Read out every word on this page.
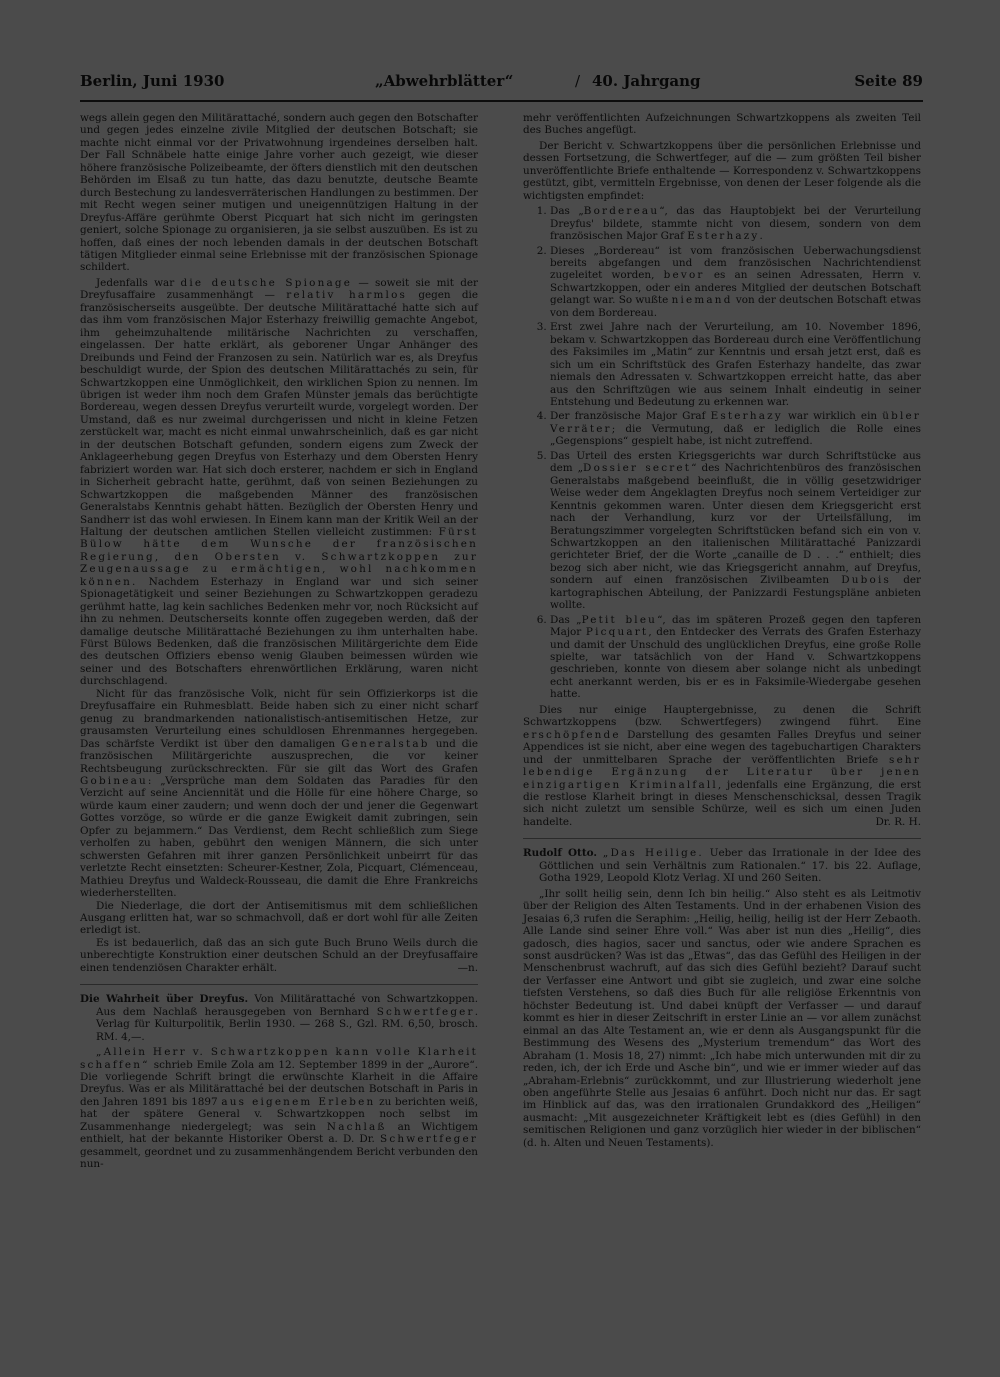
Berlin, Juni 1930	„Abwehrblätter“	/ 40. Jahrgang	Seite 89

wegs allein gegen den Militärattaché, sondern auch gegen den Botschafter und gegen jedes einzelne zivile Mitglied der deutschen Botschaft; sie machte nicht einmal vor der Privatwohnung irgendeines derselben halt. Der Fall Schnäbele hatte einige Jahre vorher auch gezeigt, wie dieser höhere französische Polizeibeamte, der öfters dienstlich mit den deutschen Behörden im Elsaß zu tun hatte, das dazu benutzte, deutsche Beamte durch Bestechung zu landesverräterischen Handlungen zu bestimmen. Der mit Recht wegen seiner mutigen und uneigennützigen Haltung in der Dreyfus-Affäre gerühmte Oberst Picquart hat sich nicht im geringsten geniert, solche Spionage zu organisieren, ja sie selbst auszuüben. Es ist zu hoffen, daß eines der noch lebenden damals in der deutschen Botschaft tätigen Mitglieder einmal seine Erlebnisse mit der französischen Spionage schildert.

Jedenfalls war die deutsche Spionage — soweit sie mit der Dreyfusaffaire zusammenhängt — relativ harmlos gegen die französischerseits ausgeübte. Der deutsche Militärattaché hatte sich auf das ihm vom französischen Major Esterhazy freiwillig gemachte Angebot, ihm geheimzuhaltende militärische Nachrichten zu verschaffen, eingelassen. Der hatte erklärt, als geborener Ungar Anhänger des Dreibunds und Feind der Franzosen zu sein. Natürlich war es, als Dreyfus beschuldigt wurde, der Spion des deutschen Militärattachés zu sein, für Schwartzkoppen eine Unmöglichkeit, den wirklichen Spion zu nennen. Im übrigen ist weder ihm noch dem Grafen Münster jemals das berüchtigte Bordereau, wegen dessen Dreyfus verurteilt wurde, vorgelegt worden. Der Umstand, daß es nur zweimal durchgerissen und nicht in kleine Fetzen zerstückelt war, macht es nicht einmal unwahrscheinlich, daß es gar nicht in der deutschen Botschaft gefunden, sondern eigens zum Zweck der Anklageerhebung gegen Dreyfus von Esterhazy und dem Obersten Henry fabriziert worden war. Hat sich doch ersterer, nachdem er sich in England in Sicherheit gebracht hatte, gerühmt, daß von seinen Beziehungen zu Schwartzkoppen die maßgebenden Männer des französischen Generalstabs Kenntnis gehabt hätten. Bezüglich der Obersten Henry und Sandherr ist das wohl erwiesen. In Einem kann man der Kritik Weil an der Haltung der deutschen amtlichen Stellen vielleicht zustimmen: Fürst Bülow hätte dem Wunsche der französischen Regierung, den Obersten v. Schwartzkoppen zur Zeugenaussage zu ermächtigen, wohl nachkommen können. Nachdem Esterhazy in England war und sich seiner Spionagetätigkeit und seiner Beziehungen zu Schwartzkoppen geradezu gerühmt hatte, lag kein sachliches Bedenken mehr vor, noch Rücksicht auf ihn zu nehmen. Deutscherseits konnte offen zugegeben werden, daß der damalige deutsche Militärattaché Beziehungen zu ihm unterhalten habe. Fürst Bülows Bedenken, daß die französischen Militärgerichte dem Eide des deutschen Offiziers ebenso wenig Glauben beimessen würden wie seiner und des Botschafters ehrenwörtlichen Erklärung, waren nicht durchschlagend.

Nicht für das französische Volk, nicht für sein Offizierkorps ist die Dreyfusaffaire ein Ruhmesblatt. Beide haben sich zu einer nicht scharf genug zu brandmarkenden nationalistisch-antisemitischen Hetze, zur grausamsten Verurteilung eines schuldlosen Ehrenmannes hergegeben. Das schärfste Verdikt ist über den damaligen Generalstab und die französischen Militärgerichte auszusprechen, die vor keiner Rechtsbeugung zurückschreckten. Für sie gilt das Wort des Grafen Gobineau: „Versprüche man dem Soldaten das Paradies für den Verzicht auf seine Anciennität und die Hölle für eine höhere Charge, so würde kaum einer zaudern; und wenn doch der und jener die Gegenwart Gottes vorzöge, so würde er die ganze Ewigkeit damit zubringen, sein Opfer zu bejammern.“ Das Verdienst, dem Recht schließlich zum Siege verholfen zu haben, gebührt den wenigen Männern, die sich unter schwersten Gefahren mit ihrer ganzen Persönlichkeit unbeirrt für das verletzte Recht einsetzten: Scheurer-Kestner, Zola, Picquart, Clémenceau, Mathieu Dreyfus und Waldeck-Rousseau, die damit die Ehre Frankreichs wiederherstellten.

Die Niederlage, die dort der Antisemitismus mit dem schließlichen Ausgang erlitten hat, war so schmachvoll, daß er dort wohl für alle Zeiten erledigt ist.

Es ist bedauerlich, daß das an sich gute Buch Bruno Weils durch die unberechtigte Konstruktion einer deutschen Schuld an der Dreyfusaffaire einen tendenziösen Charakter erhält.	—n.

Die Wahrheit über Dreyfus. Von Militärattaché von Schwartzkoppen. Aus dem Nachlaß herausgegeben von Bernhard Schwertfeger. Verlag für Kulturpolitik, Berlin 1930. — 268 S., Gzl. RM. 6,50, brosch. RM. 4,—.

„Allein Herr v. Schwartzkoppen kann volle Klarheit schaffen“ schrieb Emile Zola am 12. September 1899 in der „Aurore“. Die vorliegende Schrift bringt die erwünschte Klarheit in die Affaire Dreyfus. Was er als Militärattaché bei der deutschen Botschaft in Paris in den Jahren 1891 bis 1897 aus eigenem Erleben zu berichten weiß, hat der spätere General v. Schwartzkoppen noch selbst im Zusammenhange niedergelegt; was sein Nachlaß an Wichtigem enthielt, hat der bekannte Historiker Oberst a. D. Dr. Schwertfeger gesammelt, geordnet und zu zusammenhängendem Bericht verbunden den nun-

mehr veröffentlichten Aufzeichnungen Schwartzkoppens als zweiten Teil des Buches angefügt.

Der Bericht v. Schwartzkoppens über die persönlichen Erlebnisse und dessen Fortsetzung, die Schwertfeger, auf die — zum größten Teil bisher unveröffentlichte Briefe enthaltende — Korrespondenz v. Schwartzkoppens gestützt, gibt, vermitteln Ergebnisse, von denen der Leser folgende als die wichtigsten empfindet:

1. Das „Bordereau“, das das Hauptobjekt bei der Verurteilung Dreyfus' bildete, stammte nicht von diesem, sondern von dem französischen Major Graf Esterhazy.
2. Dieses „Bordereau“ ist vom französischen Ueberwachungsdienst bereits abgefangen und dem französischen Nachrichtendienst zugeleitet worden, bevor es an seinen Adressaten, Herrn v. Schwartzkoppen, oder ein anderes Mitglied der deutschen Botschaft gelangt war. So wußte niemand von der deutschen Botschaft etwas von dem Bordereau.
3. Erst zwei Jahre nach der Verurteilung, am 10. November 1896, bekam v. Schwartzkoppen das Bordereau durch eine Veröffentlichung des Faksimiles im „Matin“ zur Kenntnis und ersah jetzt erst, daß es sich um ein Schriftstück des Grafen Esterhazy handelte, das zwar niemals den Adressaten v. Schwartzkoppen erreicht hatte, das aber aus den Schriftzügen wie aus seinem Inhalt eindeutig in seiner Entstehung und Bedeutung zu erkennen war.
4. Der französische Major Graf Esterhazy war wirklich ein übler Verräter; die Vermutung, daß er lediglich die Rolle eines „Gegenspions“ gespielt habe, ist nicht zutreffend.
5. Das Urteil des ersten Kriegsgerichts war durch Schriftstücke aus dem „Dossier secret“ des Nachrichtenbüros des französischen Generalstabs maßgebend beeinflußt, die in völlig gesetzwidriger Weise weder dem Angeklagten Dreyfus noch seinem Verteidiger zur Kenntnis gekommen waren. Unter diesen dem Kriegsgericht erst nach der Verhandlung, kurz vor der Urteilsfällung, im Beratungszimmer vorgelegten Schriftstücken befand sich ein von v. Schwartzkoppen an den italienischen Militärattaché Panizzardi gerichteter Brief, der die Worte „canaille de D . . .“ enthielt; dies bezog sich aber nicht, wie das Kriegsgericht annahm, auf Dreyfus, sondern auf einen französischen Zivilbeamten Dubois der kartographischen Abteilung, der Panizzardi Festungspläne anbieten wollte.
6. Das „Petit bleu“, das im späteren Prozeß gegen den tapferen Major Picquart, den Entdecker des Verrats des Grafen Esterhazy und damit der Unschuld des unglücklichen Dreyfus, eine große Rolle spielte, war tatsächlich von der Hand v. Schwartzkoppens geschrieben, konnte von diesem aber solange nicht als unbedingt echt anerkannt werden, bis er es in Faksimile-Wiedergabe gesehen hatte.

Dies nur einige Hauptergebnisse, zu denen die Schrift Schwartzkoppens (bzw. Schwertfegers) zwingend führt. Eine erschöpfende Darstellung des gesamten Falles Dreyfus und seiner Appendices ist sie nicht, aber eine wegen des tagebuchartigen Charakters und der unmittelbaren Sprache der veröffentlichten Briefe sehr lebendige Ergänzung der Literatur über jenen einzigartigen Kriminalfall, jedenfalls eine Ergänzung, die erst die restlose Klarheit bringt in dieses Menschenschicksal, dessen Tragik sich nicht zuletzt um sensible Schürze, weil es sich um einen Juden handelte.	Dr. R. H.

Rudolf Otto. „Das Heilige. Ueber das Irrationale in der Idee des Göttlichen und sein Verhältnis zum Rationalen.“ 17. bis 22. Auflage, Gotha 1929, Leopold Klotz Verlag. XI und 260 Seiten.

„Ihr sollt heilig sein, denn Ich bin heilig.“ Also steht es als Leitmotiv über der Religion des Alten Testaments. Und in der erhabenen Vision des Jesaias 6,3 rufen die Seraphim: „Heilig, heilig, heilig ist der Herr Zebaoth. Alle Lande sind seiner Ehre voll.“ Was aber ist nun dies „Heilig“, dies gadosch, dies hagios, sacer und sanctus, oder wie andere Sprachen es sonst ausdrücken? Was ist das „Etwas“, das das Gefühl des Heiligen in der Menschenbrust wachruft, auf das sich dies Gefühl bezieht? Darauf sucht der Verfasser eine Antwort und gibt sie zugleich, und zwar eine solche tiefsten Verstehens, so daß dies Buch für alle religiöse Erkenntnis von höchster Bedeutung ist. Und dabei knüpft der Verfasser — und darauf kommt es hier in dieser Zeitschrift in erster Linie an — vor allem zunächst einmal an das Alte Testament an, wie er denn als Ausgangspunkt für die Bestimmung des Wesens des „Mysterium tremendum“ das Wort des Abraham (1. Mosis 18, 27) nimmt: „Ich habe mich unterwunden mit dir zu reden, ich, der ich Erde und Asche bin“, und wie er immer wieder auf das „Abraham-Erlebnis“ zurückkommt, und zur Illustrierung wiederholt jene oben angeführte Stelle aus Jesaias 6 anführt. Doch nicht nur das. Er sagt im Hinblick auf das, was den irrationalen Grundakkord des „Heiligen“ ausmacht: „Mit ausgezeichneter Kräftigkeit lebt es (dies Gefühl) in den semitischen Religionen und ganz vorzüglich hier wieder in der biblischen“ (d. h. Alten und Neuen Testaments).
